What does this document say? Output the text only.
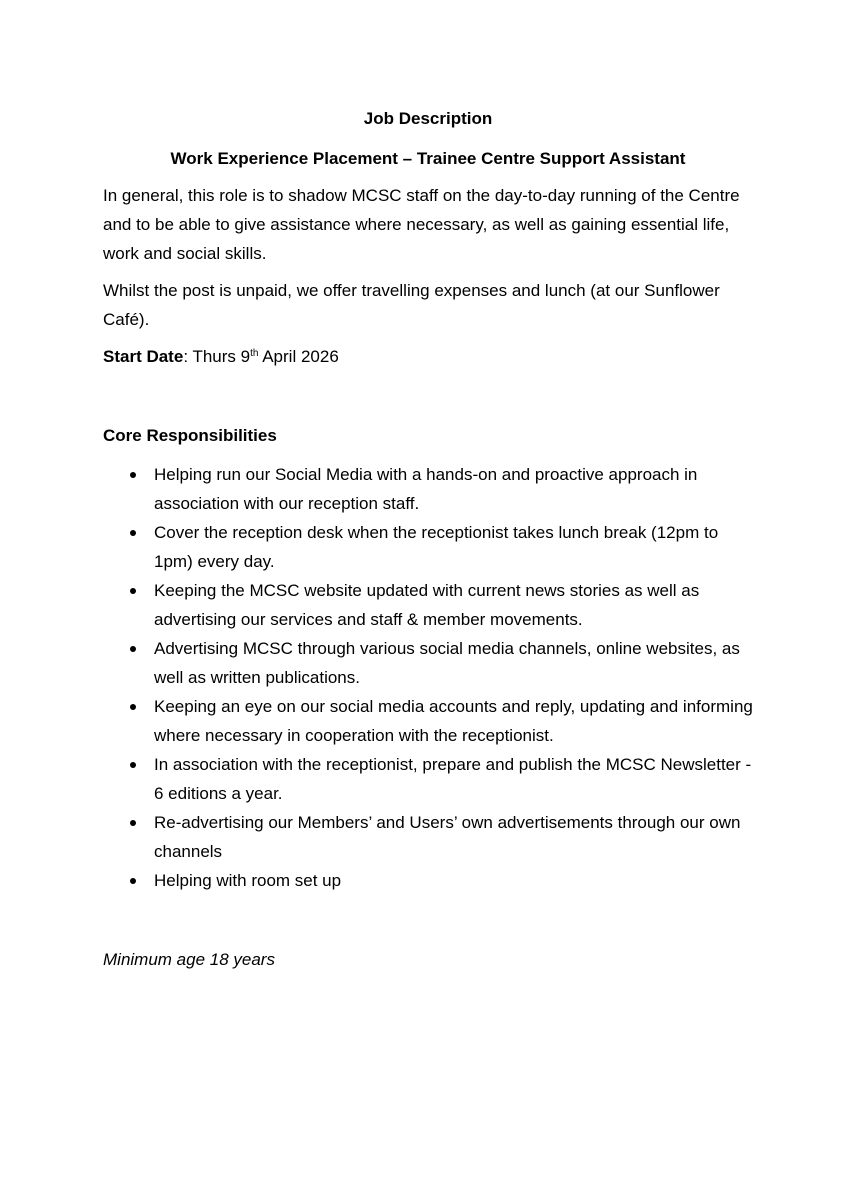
Job Description

Work Experience Placement – Trainee Centre Support Assistant

In general, this role is to shadow MCSC staff on the day-to-day running of the Centre and to be able to give assistance where necessary, as well as gaining essential life, work and social skills.

Whilst the post is unpaid, we offer travelling expenses and lunch (at our Sunflower Café).

Start Date: Thurs 9th April 2026

Core Responsibilities

Helping run our Social Media with a hands-on and proactive approach in association with our reception staff.
Cover the reception desk when the receptionist takes lunch break (12pm to 1pm) every day.
Keeping the MCSC website updated with current news stories as well as advertising our services and staff & member movements.
Advertising MCSC through various social media channels, online websites, as well as written publications.
Keeping an eye on our social media accounts and reply, updating and informing where necessary in cooperation with the receptionist.
In association with the receptionist, prepare and publish the MCSC Newsletter - 6 editions a year.
Re-advertising our Members’ and Users’ own advertisements through our own channels
Helping with room set up

Minimum age 18 years
